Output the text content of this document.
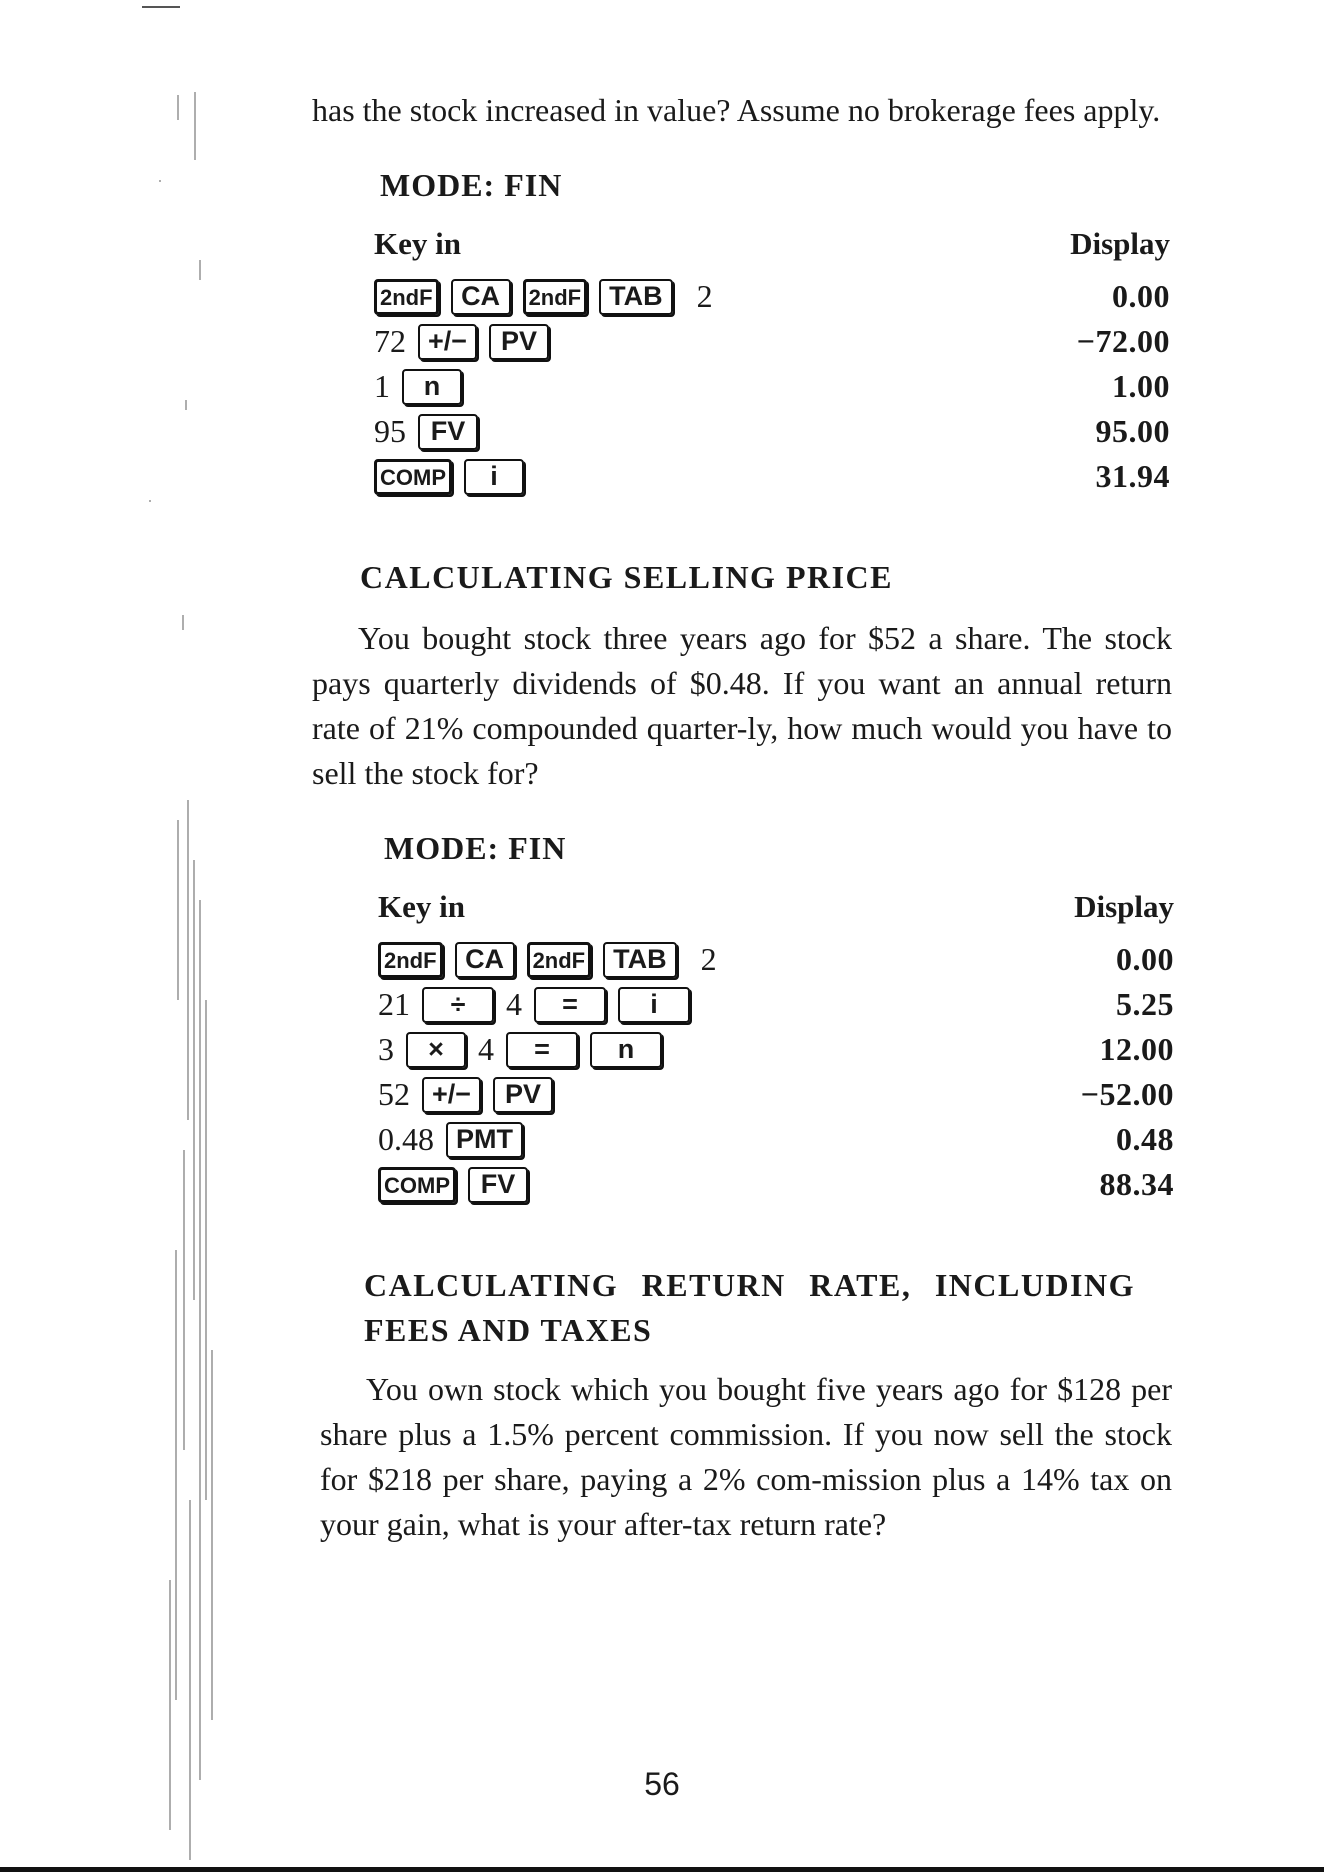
has the stock increased in value? Assume no brokerage fees apply.

MODE: FIN

Key in	Display
2ndF	CA	2ndF	TAB	2	0.00
72 +/−	PV	−72.00
1	n	1.00
95 FV	95.00
COMP	i	31.94

CALCULATING SELLING PRICE

You bought stock three years ago for $52 a share. The stock pays quarterly dividends of $0.48. If you want an annual return rate of 21% compounded quarter-ly, how much would you have to sell the stock for?

MODE: FIN

Key in	Display
2ndF	CA	2ndF	TAB	2	0.00
21	÷	4	=	i	5.25
3	×	4	=	n	12.00
52 +/−	PV	−52.00
0.48 PMT	0.48
COMP	FV	88.34

CALCULATING RETURN RATE, INCLUDING

FEES AND TAXES

You own stock which you bought five years ago for $128 per share plus a 1.5% percent commission. If you now sell the stock for $218 per share, paying a 2% com-mission plus a 14% tax on your gain, what is your after-tax return rate?

56
